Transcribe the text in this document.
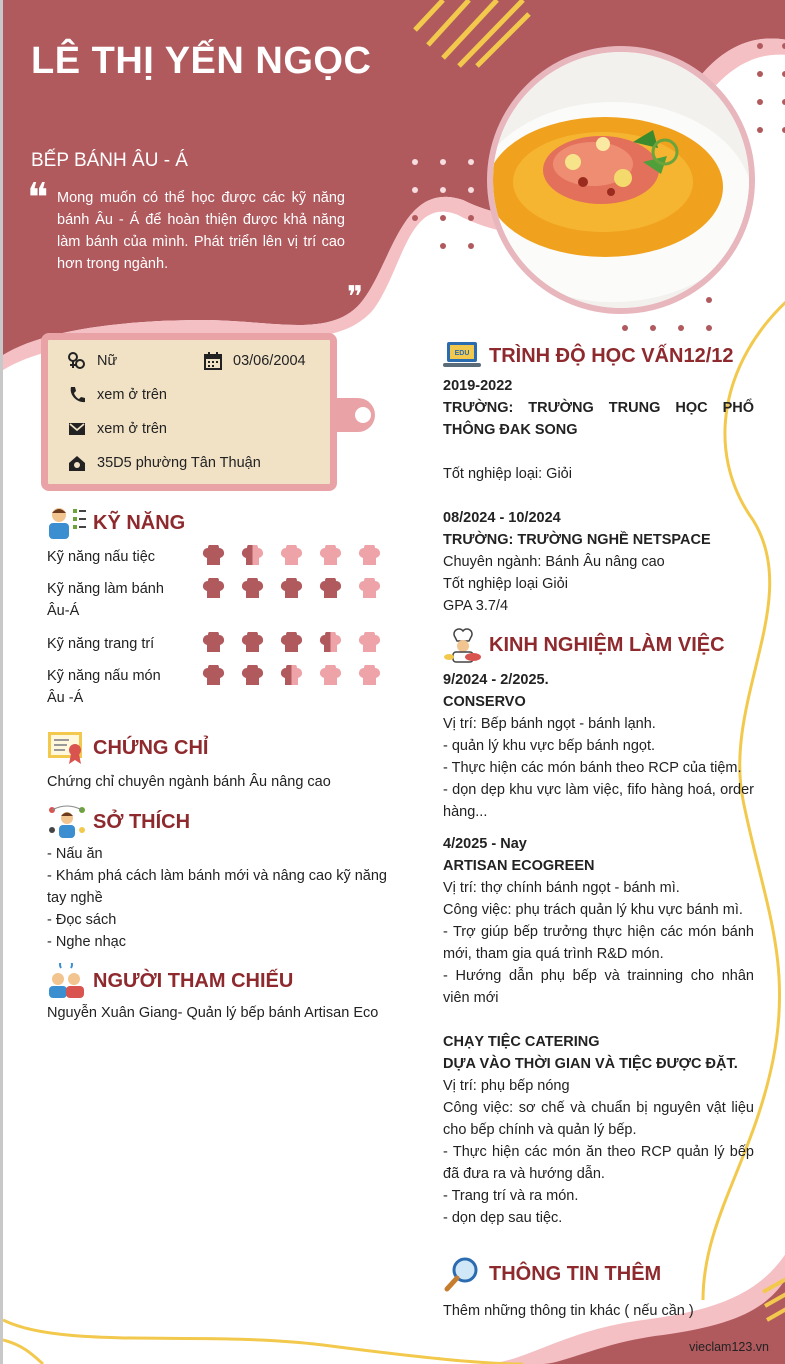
LÊ THỊ YẾN NGỌC
BẾP BÁNH ÂU - Á
❝ Mong muốn có thể học được các kỹ năng bánh Âu - Á để hoàn thiện được khả năng làm bánh của mình. Phát triển lên vị trí cao hơn trong ngành.
❞
Nữ	03/06/2004
xem ở trên
xem ở trên
35D5 phường Tân Thuận
KỸ NĂNG
Kỹ năng nấu tiệc
Kỹ năng làm bánh Âu-Á
Kỹ năng trang trí
Kỹ năng nấu món Âu -Á
CHỨNG CHỈ
Chứng chỉ chuyên ngành bánh Âu nâng cao
SỞ THÍCH
- Nấu ăn
- Khám phá cách làm bánh mới và nâng cao kỹ năng tay nghề
- Đọc sách
- Nghe nhạc
NGƯỜI THAM CHIẾU
Nguyễn Xuân Giang- Quản lý bếp bánh Artisan Eco
EDU TRÌNH ĐỘ HỌC VẤN12/12
2019-2022
TRƯỜNG: TRƯỜNG TRUNG HỌC PHỔ THÔNG ĐAK SONG
Tốt nghiệp loại: Giỏi
08/2024 - 10/2024
TRƯỜNG: TRƯỜNG NGHỀ NETSPACE
Chuyên ngành: Bánh Âu nâng cao
Tốt nghiệp loại Giỏi
GPA 3.7/4
KINH NGHIỆM LÀM VIỆC
9/2024 - 2/2025.
CONSERVO
Vị trí: Bếp bánh ngọt - bánh lạnh.
- quản lý khu vực bếp bánh ngọt.
- Thực hiện các món bánh theo RCP của tiệm.
- dọn dẹp khu vực làm việc, fifo hàng hoá, order hàng...
4/2025 - Nay
ARTISAN ECOGREEN
Vị trí: thợ chính bánh ngọt - bánh mì.
Công việc: phụ trách quản lý khu vực bánh mì.
- Trợ giúp bếp trưởng thực hiện các món bánh mới, tham gia quá trình R&D món.
- Hướng dẫn phụ bếp và trainning cho nhân viên mới
CHẠY TIỆC CATERING
DỰA VÀO THỜI GIAN VÀ TIỆC ĐƯỢC ĐẶT.
Vị trí: phụ bếp nóng
Công việc: sơ chế và chuẩn bị nguyên vật liệu cho bếp chính và quản lý bếp.
- Thực hiện các món ăn theo RCP quản lý bếp đã đưa ra và hướng dẫn.
- Trang trí và ra món.
- dọn dẹp sau tiệc.
THÔNG TIN THÊM
Thêm những thông tin khác ( nếu cần )
vieclam123.vn
